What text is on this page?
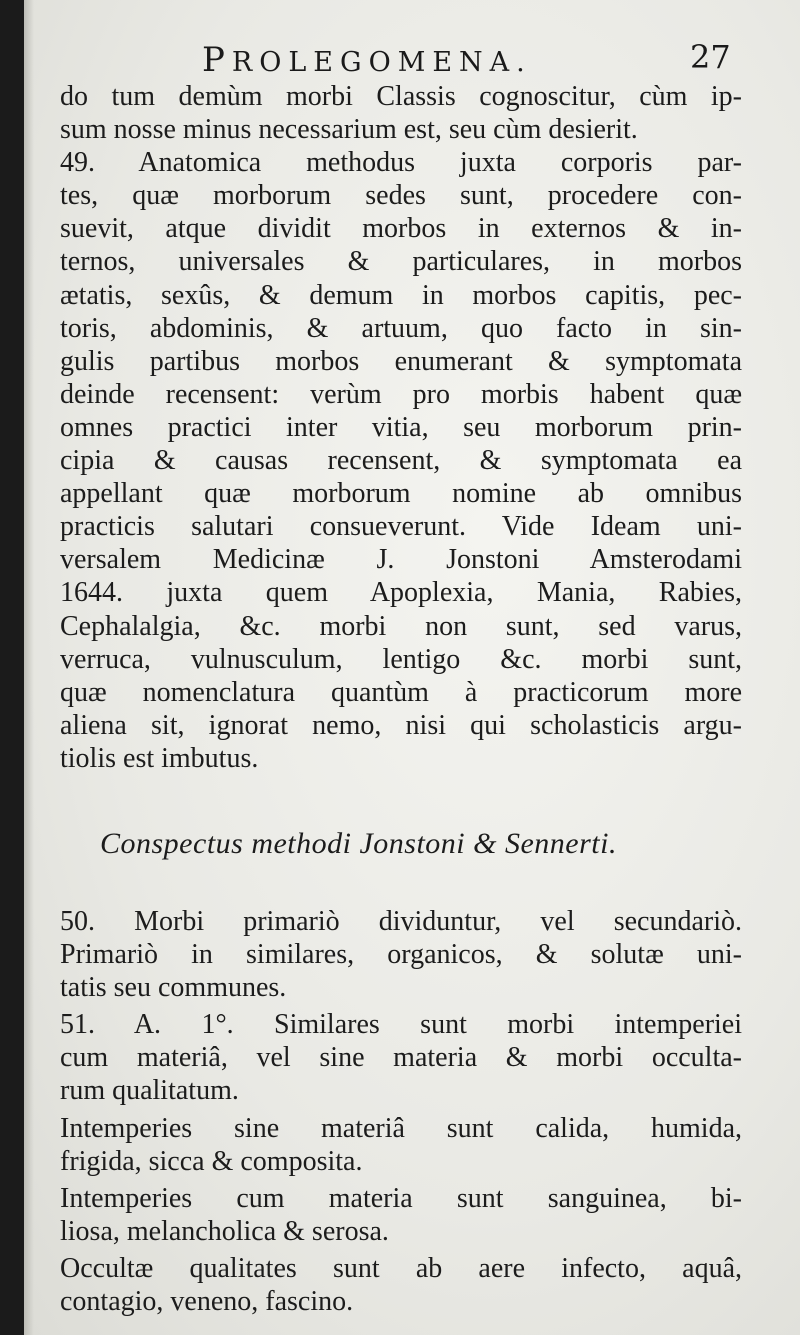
PROLEGOMENA.	27
do tum demùm morbi Classis cognoscitur, cùm ip-
sum nosse minus necessarium est, seu cùm desierit.
49. Anatomica methodus juxta corporis par-
tes, quæ morborum sedes sunt, procedere con-
suevit, atque dividit morbos in externos & in-
ternos, universales & particulares, in morbos
ætatis, sexûs, & demum in morbos capitis, pec-
toris, abdominis, & artuum, quo facto in sin-
gulis partibus morbos enumerant & symptomata
deinde recensent: verùm pro morbis habent quæ
omnes practici inter vitia, seu morborum prin-
cipia & causas recensent, & symptomata ea
appellant quæ morborum nomine ab omnibus
practicis salutari consueverunt. Vide Ideam uni-
versalem Medicinæ J. Jonstoni Amsterodami
1644. juxta quem Apoplexia, Mania, Rabies,
Cephalalgia, &c. morbi non sunt, sed varus,
verruca, vulnusculum, lentigo &c. morbi sunt,
quæ nomenclatura quantùm à practicorum more
aliena sit, ignorat nemo, nisi qui scholasticis argu-
tiolis est imbutus.
Conspectus methodi Jonstoni & Sennerti.
50. Morbi primariò dividuntur, vel secundariò.
Primariò in similares, organicos, & solutæ uni-
tatis seu communes.
51. A. 1°. Similares sunt morbi intemperiei
cum materiâ, vel sine materia & morbi occulta-
rum qualitatum.
Intemperies sine materiâ sunt calida, humida,
frigida, sicca & composita.
Intemperies cum materia sunt sanguinea, bi-
liosa, melancholica & serosa.
Occultæ qualitates sunt ab aere infecto, aquâ,
contagio, veneno, fascino.
